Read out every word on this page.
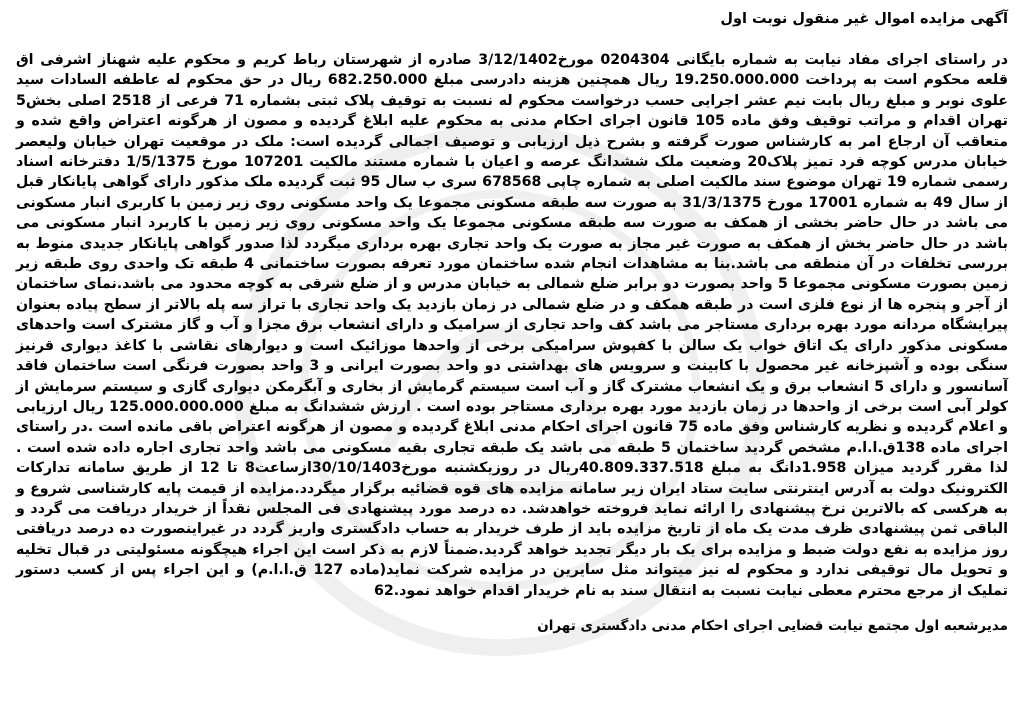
آگهی مزایده اموال غیر منقول نوبت اول

در راستای اجرای مفاد نیابت به شماره بایگانی 0204304 مورخ3/12/1402 صادره از شهرستان رباط کریم و محکوم علیه شهناز اشرفی اق قلعه محکوم است به پرداخت 19.250.000.000 ریال همچنین هزینه دادرسی مبلغ 682.250.000 ریال در حق محکوم له عاطفه السادات سید علوی نوبر و مبلغ ریال بابت نیم عشر اجرایی حسب درخواست محکوم له نسبت به توقیف پلاک ثبتی بشماره 71 فرعی از 2518 اصلی بخش5 تهران اقدام و مراتب توقیف وفق ماده 105 قانون اجرای احکام مدنی به محکوم علیه ابلاغ گردیده و مصون از هرگونه اعتراض واقع شده و متعاقب آن ارجاع امر به کارشناس صورت گرفته و بشرح ذیل ارزیابی و توصیف اجمالی گردیده است: ملک در موقعیت تهران خیابان ولیعصر خیابان مدرس کوچه فرد تمیز پلاک20 وضعیت ملک ششدانگ عرصه و اعیان با شماره مستند مالکیت 107201 مورخ 1/5/1375 دفترخانه اسناد رسمی شماره 19 تهران موضوع سند مالکیت اصلی به شماره چاپی 678568 سری ب سال 95 ثبت گردیده ملک مذکور دارای گواهی پایانکار قبل از سال 49 به شماره 17001 مورخ 31/3/1375 به صورت سه طبقه مسکونی مجموعا یک واحد مسکونی روی زیر زمین با کاربری انبار مسکونی می باشد در حال حاضر بخشی از همکف به صورت سه طبقه مسکونی مجموعا یک واحد مسکونی روی زیر زمین با کاربرد انبار مسکونی می باشد در حال حاضر بخش از همکف به صورت غیر مجاز به صورت یک واحد تجاری بهره برداری میگردد لذا صدور گواهی پایانکار جدیدی منوط به بررسی تخلفات در آن منطقه می باشد.بنا به مشاهدات انجام شده ساختمان مورد تعرفه بصورت ساختمانی 4 طبقه تک واحدی روی طبقه زیر زمین بصورت مسکونی مجموعا 5 واحد بصورت دو برابر ضلع شمالی به خیابان مدرس و از ضلع شرقی به کوچه محدود می باشد.نمای ساختمان از آجر و پنجره ها از نوع فلزی است در طبقه همکف و در ضلع شمالی در زمان بازدید یک واحد تجاری با تراز سه پله بالاتر از سطح پیاده بعنوان پیرایشگاه مردانه مورد بهره برداری مستاجر می باشد کف واحد تجاری از سرامیک و دارای انشعاب برق مجزا و آب و گاز مشترک است واحدهای مسکونی مذکور دارای یک اتاق خواب یک سالن با کفپوش سرامیکی برخی از واحدها موزائیک است و دیوارهای نقاشی با کاغذ دیواری قرنیز سنگی بوده و آشپزخانه غیر محصول با کابینت و سرویس های بهداشتی دو واحد بصورت ایرانی و 3 واحد بصورت فرنگی است ساختمان فاقد آسانسور و دارای 5 انشعاب برق و یک انشعاب مشترک گاز و آب است سیستم گرمایش از بخاری و آبگرمکن دیواری گازی و سیستم سرمایش از کولر آبی است برخی از واحدها در زمان بازدید مورد بهره برداری مستاجر بوده است . ارزش ششدانگ به مبلغ 125.000.000.000 ریال ارزیابی و اعلام گردیده و نظریه کارشناس وفق ماده 75 قانون اجرای احکام مدنی ابلاغ گردیده و مصون از هرگونه اعتراض باقی مانده است .در راستای اجرای ماده 138ق.ا.ا.م مشخص گردید ساختمان 5 طبقه می باشد یک طبقه تجاری بقیه مسکونی می باشد واحد تجاری اجاره داده شده است . لذا مقرر گردید میزان 1.958دانگ به مبلغ 40.809.337.518ریال در روزیکشنبه مورخ30/10/1403ازساعت8 تا 12 از طریق سامانه تدارکات الکترونیک دولت به آدرس اینترنتی سایت ستاد ایران زیر سامانه مزایده های قوه قضائیه برگزار میگردد.مزایده از قیمت پایه کارشناسی شروع و به هرکسی که بالاترین نرخ پیشنهادی را ارائه نماید فروخته خواهدشد. ده درصد مورد پیشنهادی فی المجلس نقداً از خریدار دریافت می گردد و الباقی ثمن پیشنهادی ظرف مدت یک ماه از تاریخ مزایده باید از طرف خریدار به حساب دادگستری واریز گردد در غیراینصورت ده درصد دریافتی روز مزایده به نفع دولت ضبط و مزایده برای یک بار دیگر تجدید خواهد گردید.ضمناً لازم به ذکر است این اجراء هیچگونه مسئولیتی در قبال تخلیه و تحویل مال توقیفی ندارد و محکوم له نیز میتواند مثل سایرین در مزایده شرکت نماید(ماده 127 ق.ا.ا.م) و این اجراء پس از کسب دستور تملیک از مرجع محترم معطی نیابت نسبت به انتقال سند به نام خریدار اقدام خواهد نمود.62

مدیرشعبه اول مجتمع نیابت قضایی اجرای احکام مدنی دادگستری تهران
